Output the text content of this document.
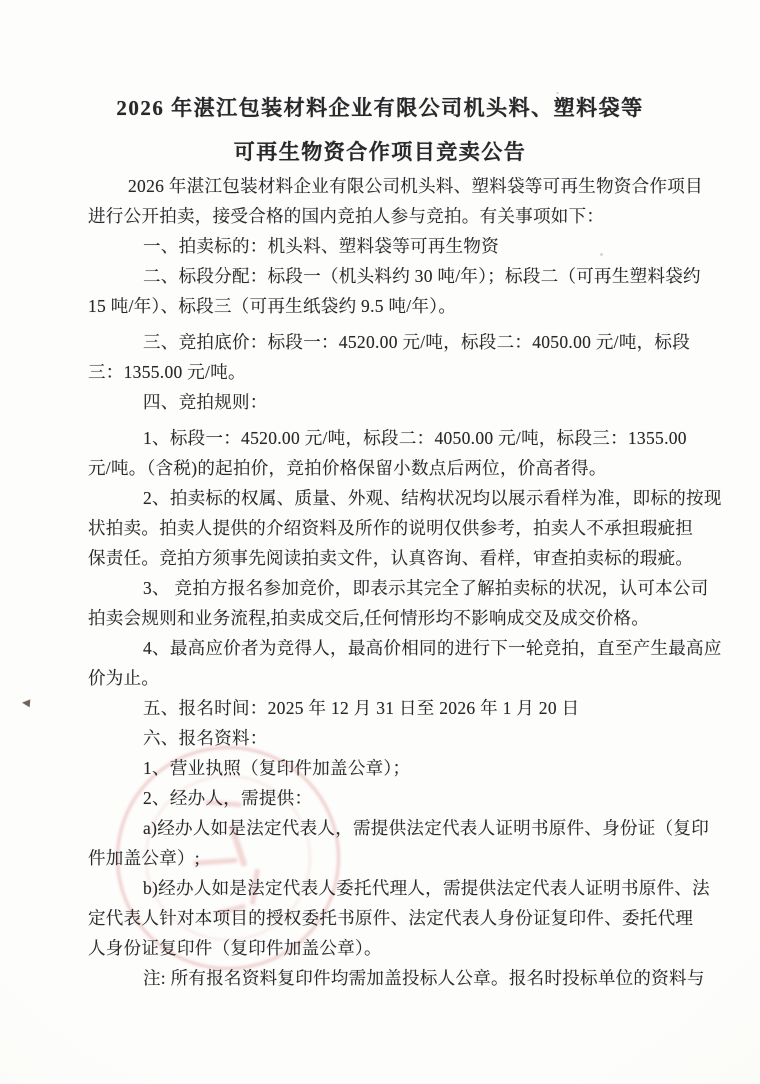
2026 年湛江包装材料企业有限公司机头料、塑料袋等
可再生物资合作项目竞卖公告
2026 年湛江包装材料企业有限公司机头料、塑料袋等可再生物资合作项目
进行公开拍卖，接受合格的国内竞拍人参与竞拍。有关事项如下：
一、拍卖标的：机头料、塑料袋等可再生物资
二、标段分配：标段一（机头料约 30 吨/年）；标段二（可再生塑料袋约
15 吨/年）、标段三（可再生纸袋约 9.5 吨/年）。
三、竞拍底价：标段一：4520.00 元/吨，标段二：4050.00 元/吨，标段
三：1355.00 元/吨。
四、竞拍规则：
1、标段一：4520.00 元/吨，标段二：4050.00 元/吨，标段三：1355.00
元/吨。（含税)的起拍价，竞拍价格保留小数点后两位，价高者得。
2、拍卖标的权属、质量、外观、结构状况均以展示看样为准，即标的按现
状拍卖。拍卖人提供的介绍资料及所作的说明仅供参考，拍卖人不承担瑕疵担
保责任。竞拍方须事先阅读拍卖文件，认真咨询、看样，审查拍卖标的瑕疵。
3、 竞拍方报名参加竞价，即表示其完全了解拍卖标的状况，认可本公司
拍卖会规则和业务流程,拍卖成交后,任何情形均不影响成交及成交价格。
4、最高应价者为竞得人，最高价相同的进行下一轮竞拍，直至产生最高应
价为止。
五、报名时间：2025 年 12 月 31 日至 2026 年 1 月 20 日
六、报名资料：
1、营业执照（复印件加盖公章）；
2、经办人，需提供：
a)经办人如是法定代表人，需提供法定代表人证明书原件、身份证（复印
件加盖公章）;
b)经办人如是法定代表人委托代理人，需提供法定代表人证明书原件、法
定代表人针对本项目的授权委托书原件、法定代表人身份证复印件、委托代理
人身份证复印件（复印件加盖公章）。
注: 所有报名资料复印件均需加盖投标人公章。报名时投标单位的资料与
